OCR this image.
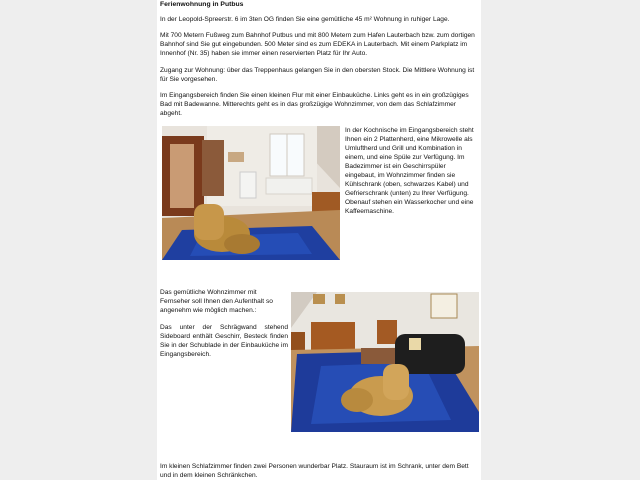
Ferienwohnung in Putbus

In der Leopold-Spreerstr. 6 im 3ten OG finden Sie eine gemütliche 45 m² Wohnung in ruhiger Lage.

Mit 700 Metern Fußweg zum Bahnhof Putbus und mit 800 Metern zum Hafen Lauterbach bzw. zum dortigen Bahnhof sind Sie gut eingebunden. 500 Meter sind es zum EDEKA in Lauterbach. Mit einem Parkplatz im Innenhof (Nr. 35) haben sie immer einen reservierten Platz für Ihr Auto.

Zugang zur Wohnung: über das Treppenhaus gelangen Sie in den obersten Stock. Die Mittlere Wohnung ist für Sie vorgesehen.

Im Eingangsbereich finden Sie einen kleinen Flur mit einer Einbauküche. Links geht es in ein großzügiges Bad mit Badewanne. Mitterechts geht es in das großzügige Wohnzimmer, von dem das Schlafzimmer abgeht.

In der Kochnische im Eingangsbereich steht Ihnen ein 2 Plattenherd, eine Mikrowelle als Umluftherd und Grill und Kombination in einem, und eine Spüle zur Verfügung. Im Badezimmer ist ein Geschirrspüler eingebaut, im Wohnzimmer finden sie Kühlschrank (oben, schwarzes Kabel) und Gefrierschrank (unten) zu Ihrer Verfügung. Obenauf stehen ein Wasserkocher und eine Kaffeemaschine.

Das gemütliche Wohnzimmer mit Fernseher soll Ihnen den Aufenthalt so angenehm wie möglich machen.:

Das unter der Schrägwand stehend Sideboard enthält Geschirr, Besteck finden Sie in der Schublade in der Einbauküche im Eingangsbereich.

Im kleinen Schlafzimmer finden zwei Personen wunderbar Platz. Stauraum ist im Schrank, unter dem Bett und in dem kleinen Schränkchen.
